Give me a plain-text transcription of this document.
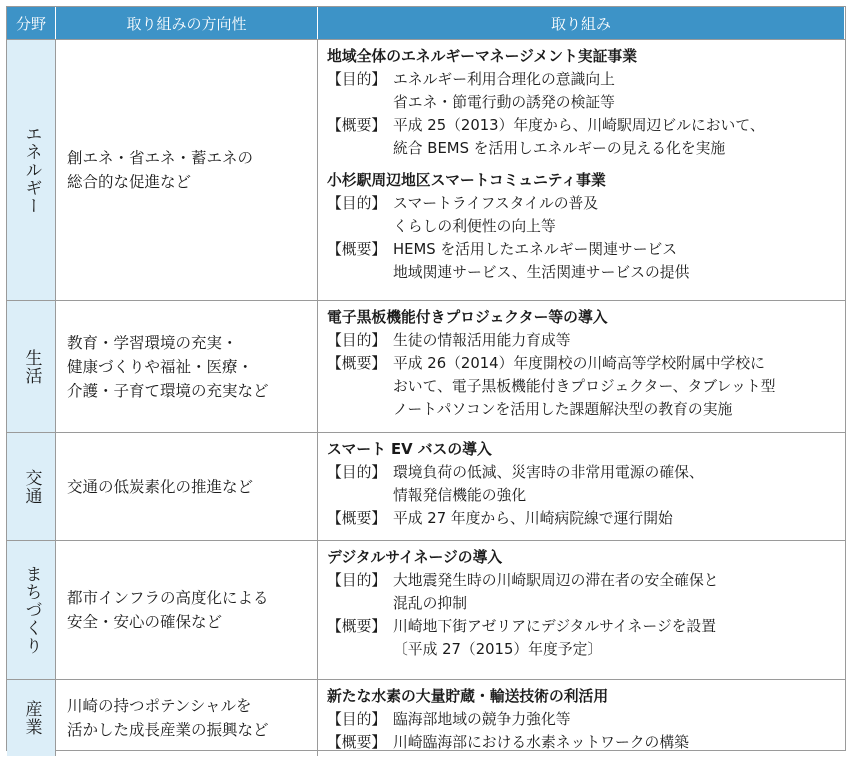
分野	取り組みの方向性	取り組み
エネルギー 創エネ・省エネ・蓄エネの
総合的な促進など
地域全体のエネルギーマネージメント実証事業
【目的】 エネルギー利用合理化の意識向上
省エネ・節電行動の誘発の検証等
【概要】 平成 25（2013）年度から、川崎駅周辺ビルにおいて、
統合 BEMS を活用しエネルギーの見える化を実施
小杉駅周辺地区スマートコミュニティ事業
【目的】 スマートライフスタイルの普及
くらしの利便性の向上等
【概要】 HEMS を活用したエネルギー関連サービス
地域関連サービス、生活関連サービスの提供
生活
教育・学習環境の充実・
健康づくりや福祉・医療・
介護・子育て環境の充実など
電子黒板機能付きプロジェクター等の導入
【目的】 生徒の情報活用能力育成等
【概要】 平成 26（2014）年度開校の川崎高等学校附属中学校に
おいて、電子黒板機能付きプロジェクター、タブレット型
ノートパソコンを活用した課題解決型の教育の実施
交通 交通の低炭素化の推進など
スマート EV バスの導入
【目的】 環境負荷の低減、災害時の非常用電源の確保、
情報発信機能の強化
【概要】 平成 27 年度から、川崎病院線で運行開始
まちづくり 都市インフラの高度化による
安全・安心の確保など
デジタルサイネージの導入
【目的】 大地震発生時の川崎駅周辺の滞在者の安全確保と
混乱の抑制
【概要】 川崎地下街アゼリアにデジタルサイネージを設置
〔平成 27（2015）年度予定〕
産業 川崎の持つポテンシャルを
活かした成長産業の振興など
新たな水素の大量貯蔵・輸送技術の利活用
【目的】 臨海部地域の競争力強化等
【概要】 川崎臨海部における水素ネットワークの構築
